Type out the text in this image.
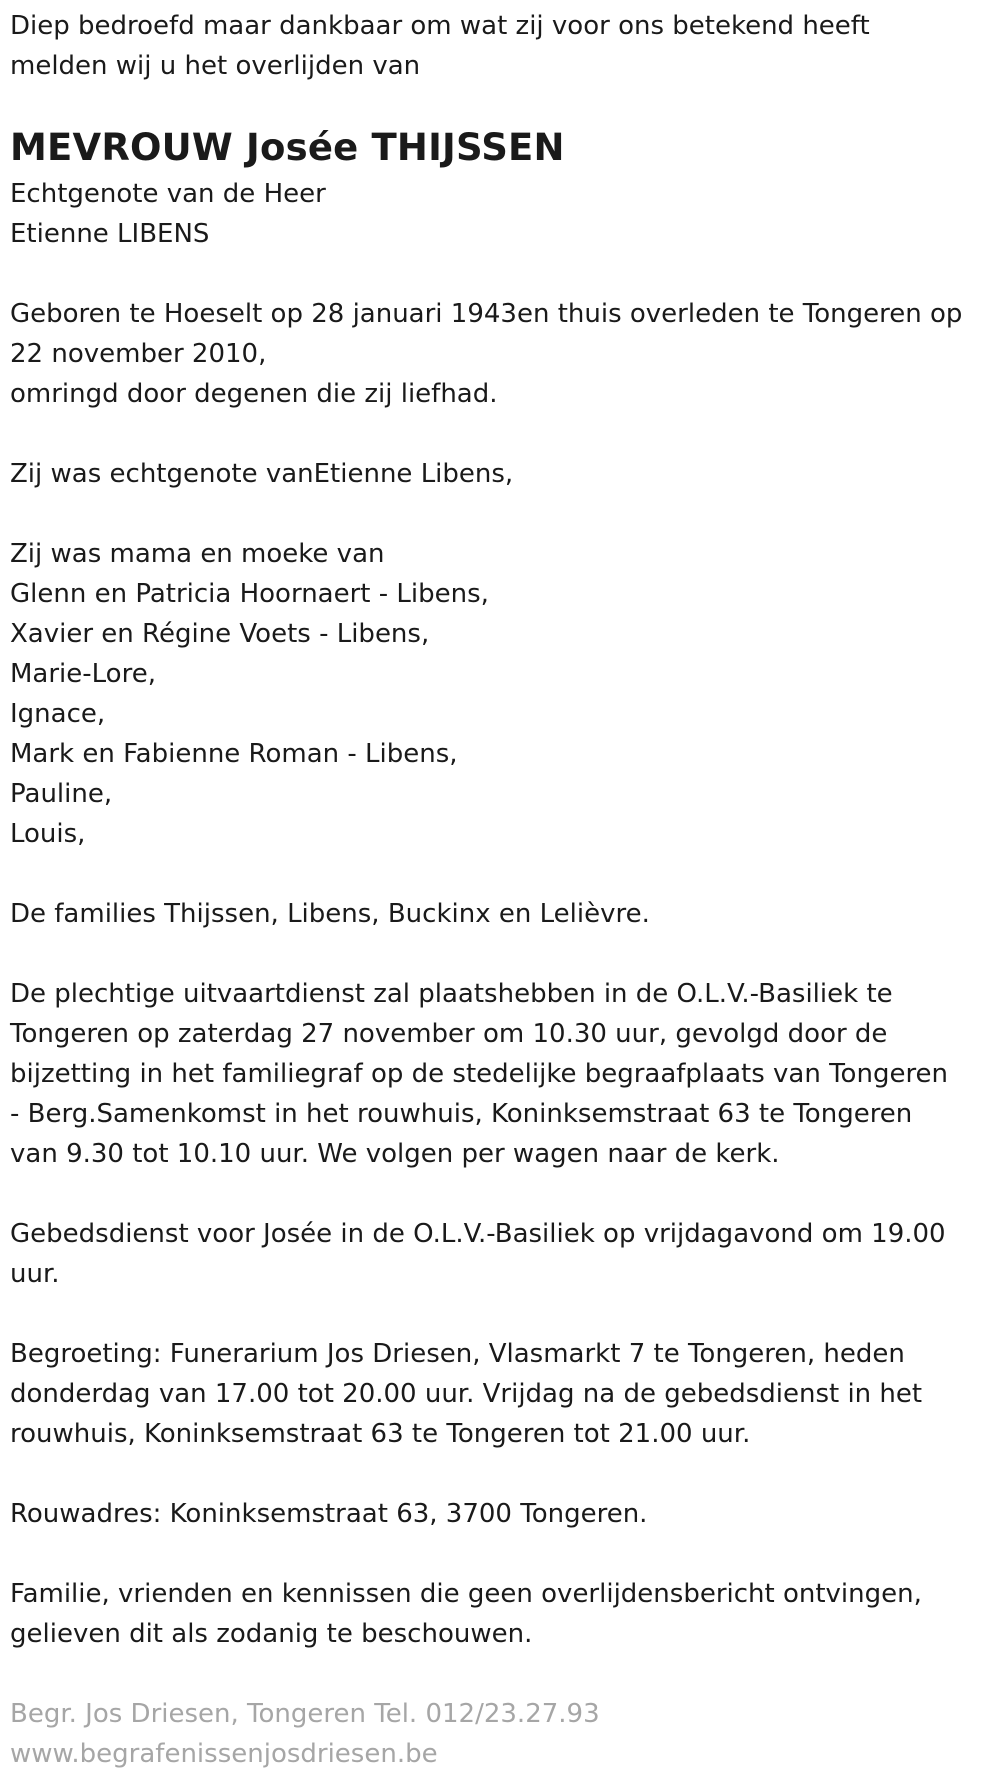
Diep bedroefd maar dankbaar om wat zij voor ons betekend heeft
melden wij u het overlijden van
MEVROUW Josée THIJSSEN
Echtgenote van de Heer
Etienne LIBENS
Geboren te Hoeselt op 28 januari 1943en thuis overleden te Tongeren op
22 november 2010,
omringd door degenen die zij liefhad.
Zij was echtgenote vanEtienne Libens,
Zij was mama en moeke van
Glenn en Patricia Hoornaert - Libens,
Xavier en Régine Voets - Libens,
Marie-Lore,
Ignace,
Mark en Fabienne Roman - Libens,
Pauline,
Louis,
De families Thijssen, Libens, Buckinx en Lelièvre.
De plechtige uitvaartdienst zal plaatshebben in de O.L.V.-Basiliek te
Tongeren op zaterdag 27 november om 10.30 uur, gevolgd door de
bijzetting in het familiegraf op de stedelijke begraafplaats van Tongeren
- Berg.Samenkomst in het rouwhuis, Koninksemstraat 63 te Tongeren
van 9.30 tot 10.10 uur. We volgen per wagen naar de kerk.
Gebedsdienst voor Josée in de O.L.V.-Basiliek op vrijdagavond om 19.00
uur.
Begroeting: Funerarium Jos Driesen, Vlasmarkt 7 te Tongeren, heden
donderdag van 17.00 tot 20.00 uur. Vrijdag na de gebedsdienst in het
rouwhuis, Koninksemstraat 63 te Tongeren tot 21.00 uur.
Rouwadres: Koninksemstraat 63, 3700 Tongeren.
Familie, vrienden en kennissen die geen overlijdensbericht ontvingen,
gelieven dit als zodanig te beschouwen.
Begr. Jos Driesen, Tongeren Tel. 012/23.27.93
www.begrafenissenjosdriesen.be
